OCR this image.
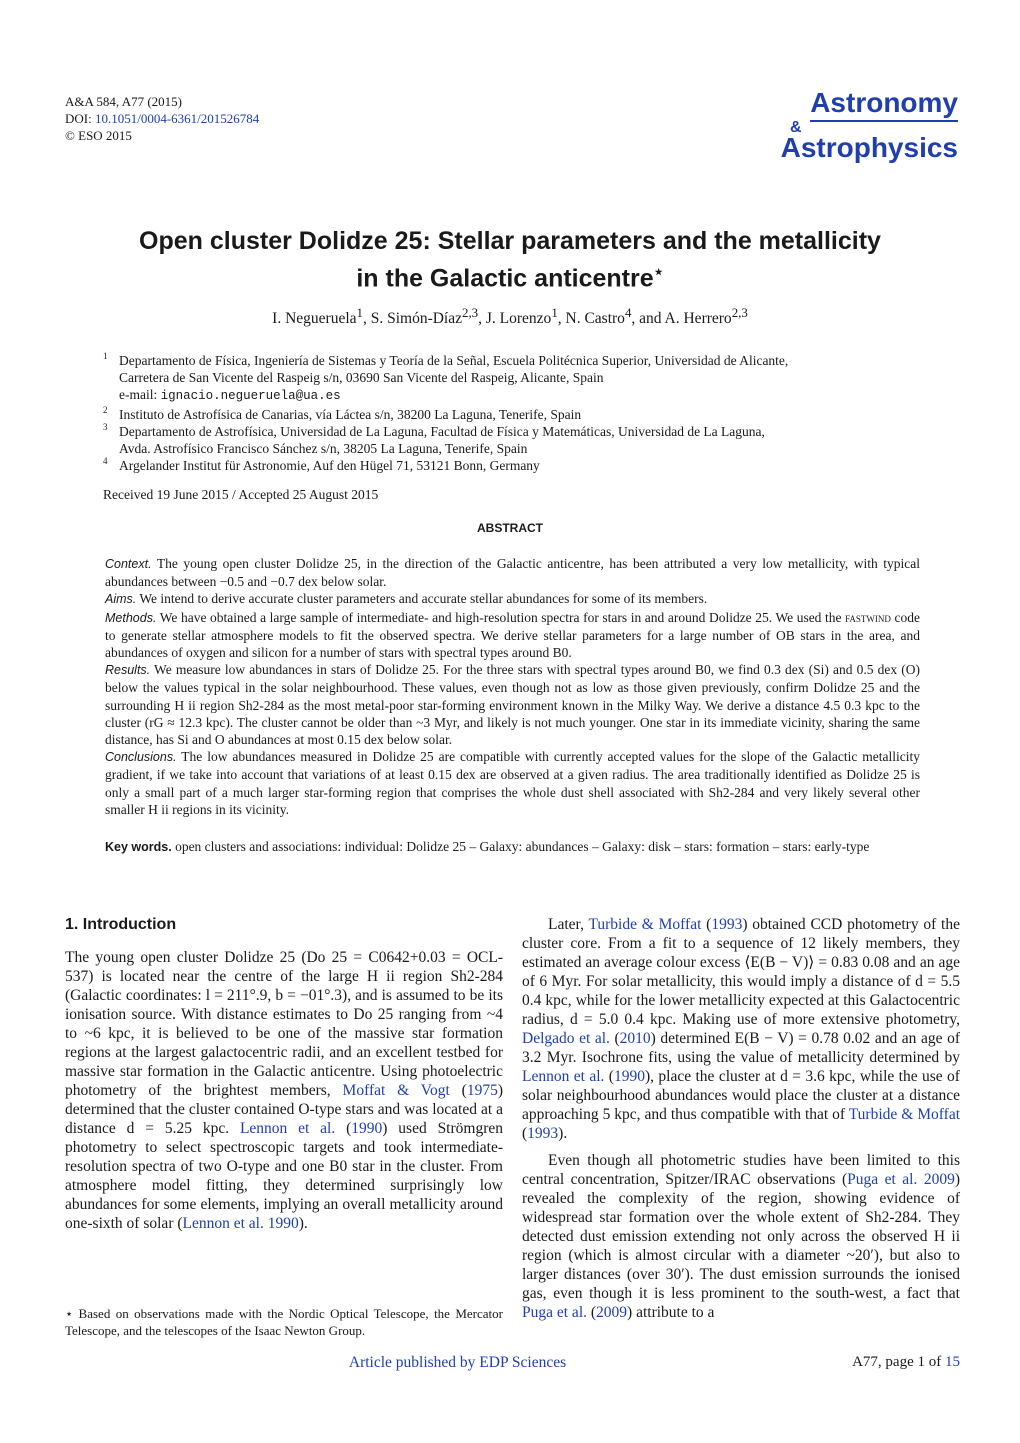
A&A 584, A77 (2015)
DOI: 10.1051/0004-6361/201526784
© ESO 2015
Astronomy
&
Astrophysics
Open cluster Dolidze 25: Stellar parameters and the metallicity
in the Galactic anticentre⋆
I. Negueruela$^1$, S. Simón-Díaz$^{2,3}$, J. Lorenzo$^1$, N. Castro$^4$, and A. Herrero$^{2,3}$
1 Departamento de Física, Ingeniería de Sistemas y Teoría de la Señal, Escuela Politécnica Superior, Universidad de Alicante,
Carretera de San Vicente del Raspeig s/n, 03690 San Vicente del Raspeig, Alicante, Spain
e-mail: ignacio.negueruela@ua.es
2 Instituto de Astrofísica de Canarias, vía Láctea s/n, 38200 La Laguna, Tenerife, Spain
3 Departamento de Astrofísica, Universidad de La Laguna, Facultad de Física y Matemáticas, Universidad de La Laguna,
Avda. Astrofísico Francisco Sánchez s/n, 38205 La Laguna, Tenerife, Spain
4 Argelander Institut für Astronomie, Auf den Hügel 71, 53121 Bonn, Germany
Received 19 June 2015 / Accepted 25 August 2015
ABSTRACT

Context. The young open cluster Dolidze 25, in the direction of the Galactic anticentre, has been attributed a very low metallicity, with typical abundances between −0.5 and −0.7 dex below solar.

Aims. We intend to derive accurate cluster parameters and accurate stellar abundances for some of its members.

Methods. We have obtained a large sample of intermediate- and high-resolution spectra for stars in and around Dolidze 25. We used the fastwind code to generate stellar atmosphere models to fit the observed spectra. We derive stellar parameters for a large number of OB stars in the area, and abundances of oxygen and silicon for a number of stars with spectral types around B0.

Results. We measure low abundances in stars of Dolidze 25. For the three stars with spectral types around B0, we find 0.3 dex (Si) and 0.5 dex (O) below the values typical in the solar neighbourhood. These values, even though not as low as those given previously, confirm Dolidze 25 and the surrounding H ii region Sh2-284 as the most metal-poor star-forming environment known in the Milky Way. We derive a distance 4.5 0.3 kpc to the cluster (rG ≈ 12.3 kpc). The cluster cannot be older than ~3 Myr, and likely is not much younger. One star in its immediate vicinity, sharing the same distance, has Si and O abundances at most 0.15 dex below solar.

Conclusions. The low abundances measured in Dolidze 25 are compatible with currently accepted values for the slope of the Galactic metallicity gradient, if we take into account that variations of at least 0.15 dex are observed at a given radius. The area traditionally identified as Dolidze 25 is only a small part of a much larger star-forming region that comprises the whole dust shell associated with Sh2-284 and very likely several other smaller H ii regions in its vicinity.

Key words. open clusters and associations: individual: Dolidze 25 – Galaxy: abundances – Galaxy: disk – stars: formation – stars: early-type

1. Introduction

The young open cluster Dolidze 25 (Do 25 = C0642+0.03 = OCL-537) is located near the centre of the large H ii region Sh2-284 (Galactic coordinates: l = 211°.9, b = −01°.3), and is assumed to be its ionisation source. With distance estimates to Do 25 ranging from ~4 to ~6 kpc, it is believed to be one of the massive star formation regions at the largest galactocentric radii, and an excellent testbed for massive star formation in the Galactic anticentre. Using photoelectric photometry of the brightest members, Moffat & Vogt (1975) determined that the cluster contained O-type stars and was located at a distance d = 5.25 kpc. Lennon et al. (1990) used Strömgren photometry to select spectroscopic targets and took intermediate-resolution spectra of two O-type and one B0 star in the cluster. From atmosphere model fitting, they determined surprisingly low abundances for some elements, implying an overall metallicity around one-sixth of solar (Lennon et al. 1990).

⋆ Based on observations made with the Nordic Optical Telescope, the Mercator Telescope, and the telescopes of the Isaac Newton Group.

Later, Turbide & Moffat (1993) obtained CCD photometry of the cluster core. From a fit to a sequence of 12 likely members, they estimated an average colour excess ⟨E(B − V)⟩ = 0.83 0.08 and an age of 6 Myr. For solar metallicity, this would imply a distance of d = 5.5 0.4 kpc, while for the lower metallicity expected at this Galactocentric radius, d = 5.0 0.4 kpc. Making use of more extensive photometry, Delgado et al. (2010) determined E(B − V) = 0.78 0.02 and an age of 3.2 Myr. Isochrone fits, using the value of metallicity determined by Lennon et al. (1990), place the cluster at d = 3.6 kpc, while the use of solar neighbourhood abundances would place the cluster at a distance approaching 5 kpc, and thus compatible with that of Turbide & Moffat (1993).

Even though all photometric studies have been limited to this central concentration, Spitzer/IRAC observations (Puga et al. 2009) revealed the complexity of the region, showing evidence of widespread star formation over the whole extent of Sh2-284. They detected dust emission extending not only across the observed H ii region (which is almost circular with a diameter ~20′), but also to larger distances (over 30′). The dust emission surrounds the ionised gas, even though it is less prominent to the south-west, a fact that Puga et al. (2009) attribute to a

Article published by EDP Sciences	A77, page 1 of 15
